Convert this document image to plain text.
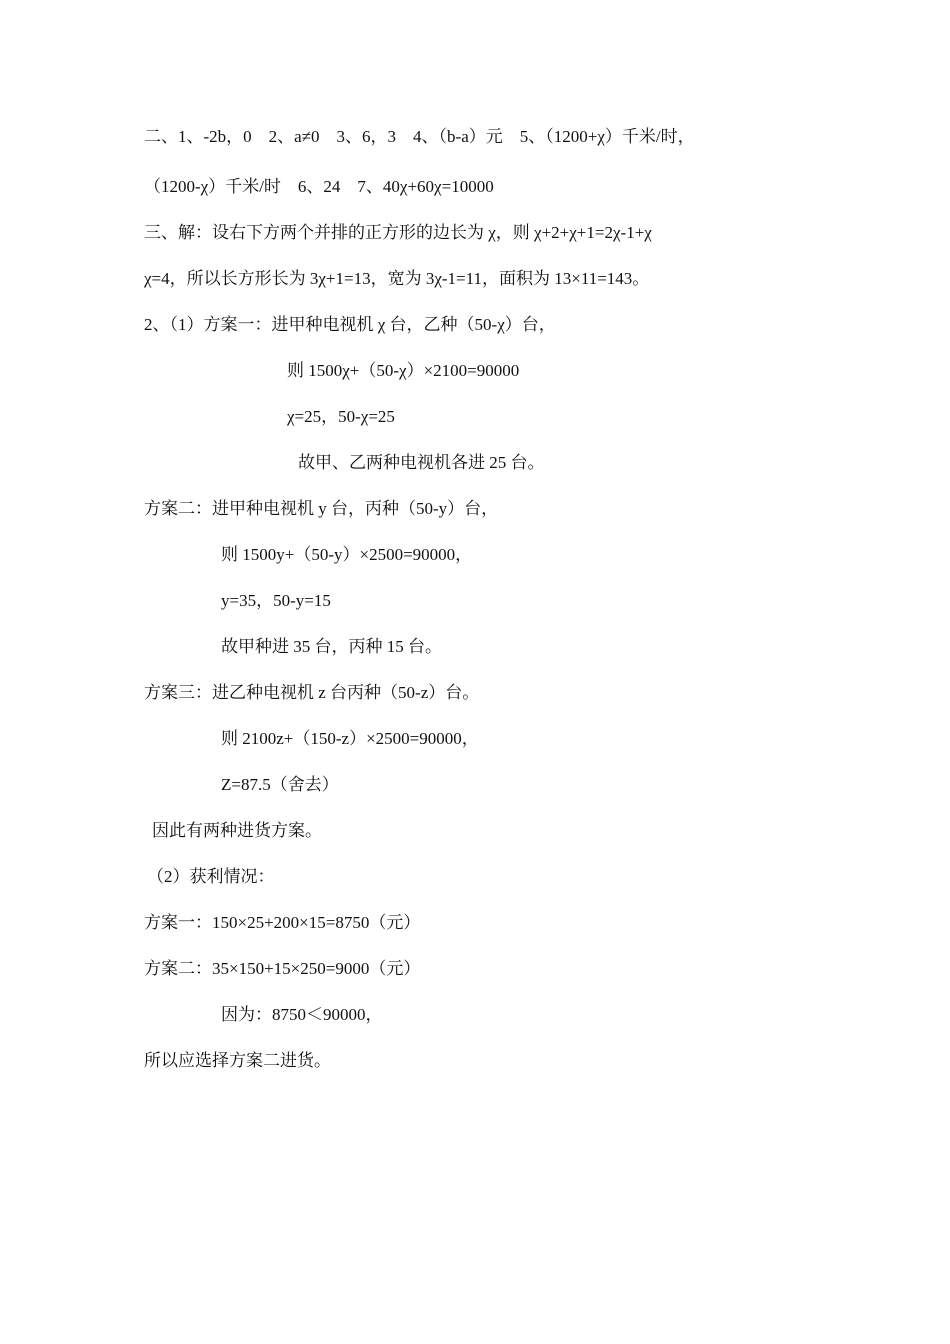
二、1、-2b，0　2、a≠0　3、6，3　4、（b-a）元　5、（1200+χ）千米/时，
（1200-χ）千米/时　6、24　7、40χ+60χ=10000
三、解：设右下方两个并排的正方形的边长为 χ，则 χ+2+χ+1=2χ-1+χ
χ=4，所以长方形长为 3χ+1=13，宽为 3χ-1=11，面积为 13×11=143。
2、（1）方案一：进甲种电视机 χ 台，乙种（50-χ）台，
则 1500χ+（50-χ）×2100=90000
χ=25，50-χ=25
故甲、乙两种电视机各进 25 台。
方案二：进甲种电视机 y 台，丙种（50-y）台，
则 1500y+（50-y）×2500=90000，
y=35，50-y=15
故甲种进 35 台，丙种 15 台。
方案三：进乙种电视机 z 台丙种（50-z）台。
则 2100z+（150-z）×2500=90000，
Z=87.5（舍去）
因此有两种进货方案。
（2）获利情况：
方案一：150×25+200×15=8750（元）
方案二：35×150+15×250=9000（元）
因为：8750＜90000，
所以应选择方案二进货。
